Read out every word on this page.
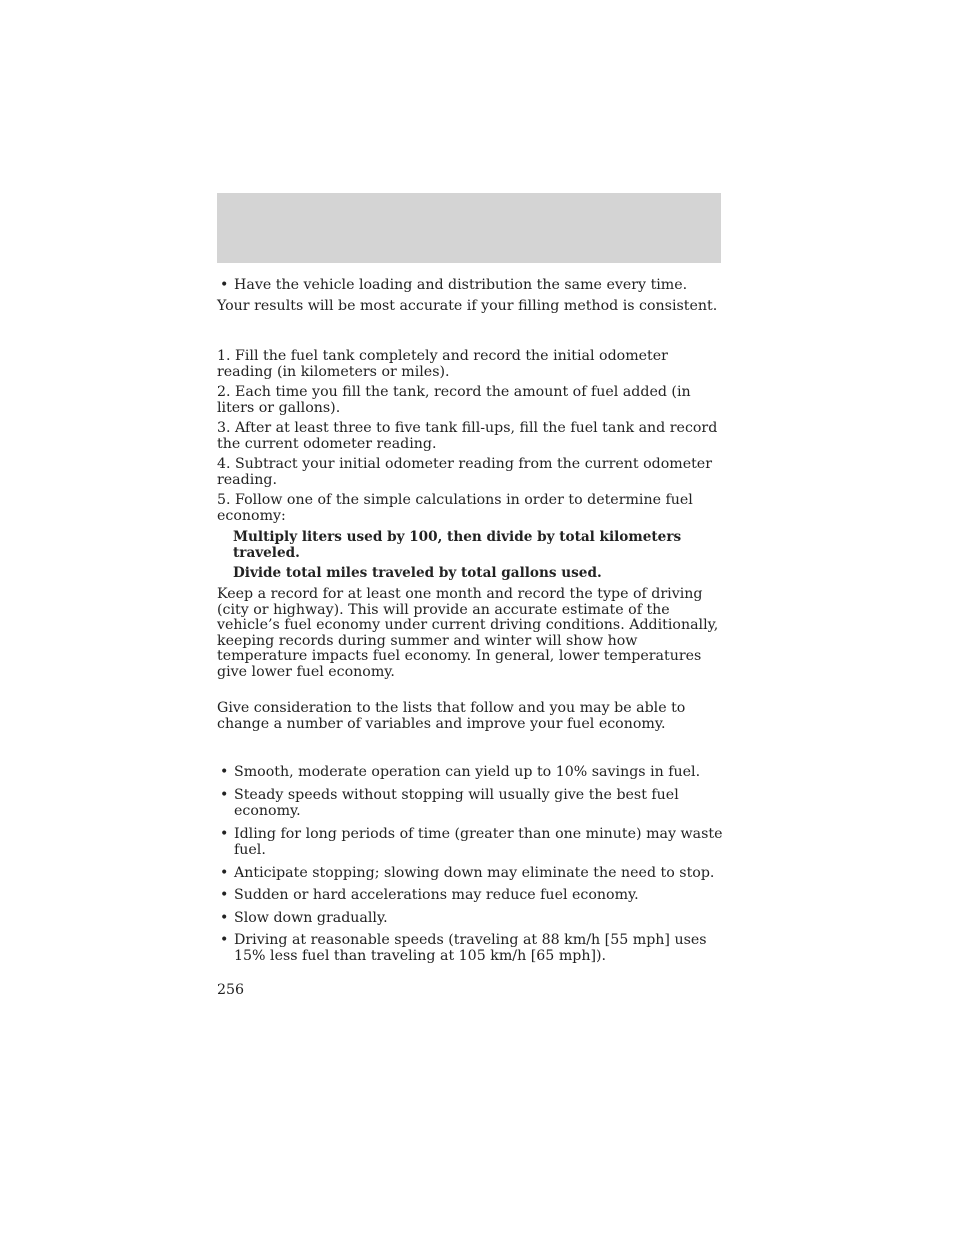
• Have the vehicle loading and distribution the same every time.

Your results will be most accurate if your filling method is consistent.

1. Fill the fuel tank completely and record the initial odometer reading (in kilometers or miles).

2. Each time you fill the tank, record the amount of fuel added (in liters or gallons).

3. After at least three to five tank fill-ups, fill the fuel tank and record the current odometer reading.

4. Subtract your initial odometer reading from the current odometer reading.

5. Follow one of the simple calculations in order to determine fuel economy:

Multiply liters used by 100, then divide by total kilometers traveled.

Divide total miles traveled by total gallons used.

Keep a record for at least one month and record the type of driving (city or highway). This will provide an accurate estimate of the vehicle’s fuel economy under current driving conditions. Additionally, keeping records during summer and winter will show how temperature impacts fuel economy. In general, lower temperatures give lower fuel economy.

Give consideration to the lists that follow and you may be able to change a number of variables and improve your fuel economy.

• Smooth, moderate operation can yield up to 10% savings in fuel.

• Steady speeds without stopping will usually give the best fuel economy.

• Idling for long periods of time (greater than one minute) may waste fuel.

• Anticipate stopping; slowing down may eliminate the need to stop.

• Sudden or hard accelerations may reduce fuel economy.

• Slow down gradually.

• Driving at reasonable speeds (traveling at 88 km/h [55 mph] uses 15% less fuel than traveling at 105 km/h [65 mph]).

256
